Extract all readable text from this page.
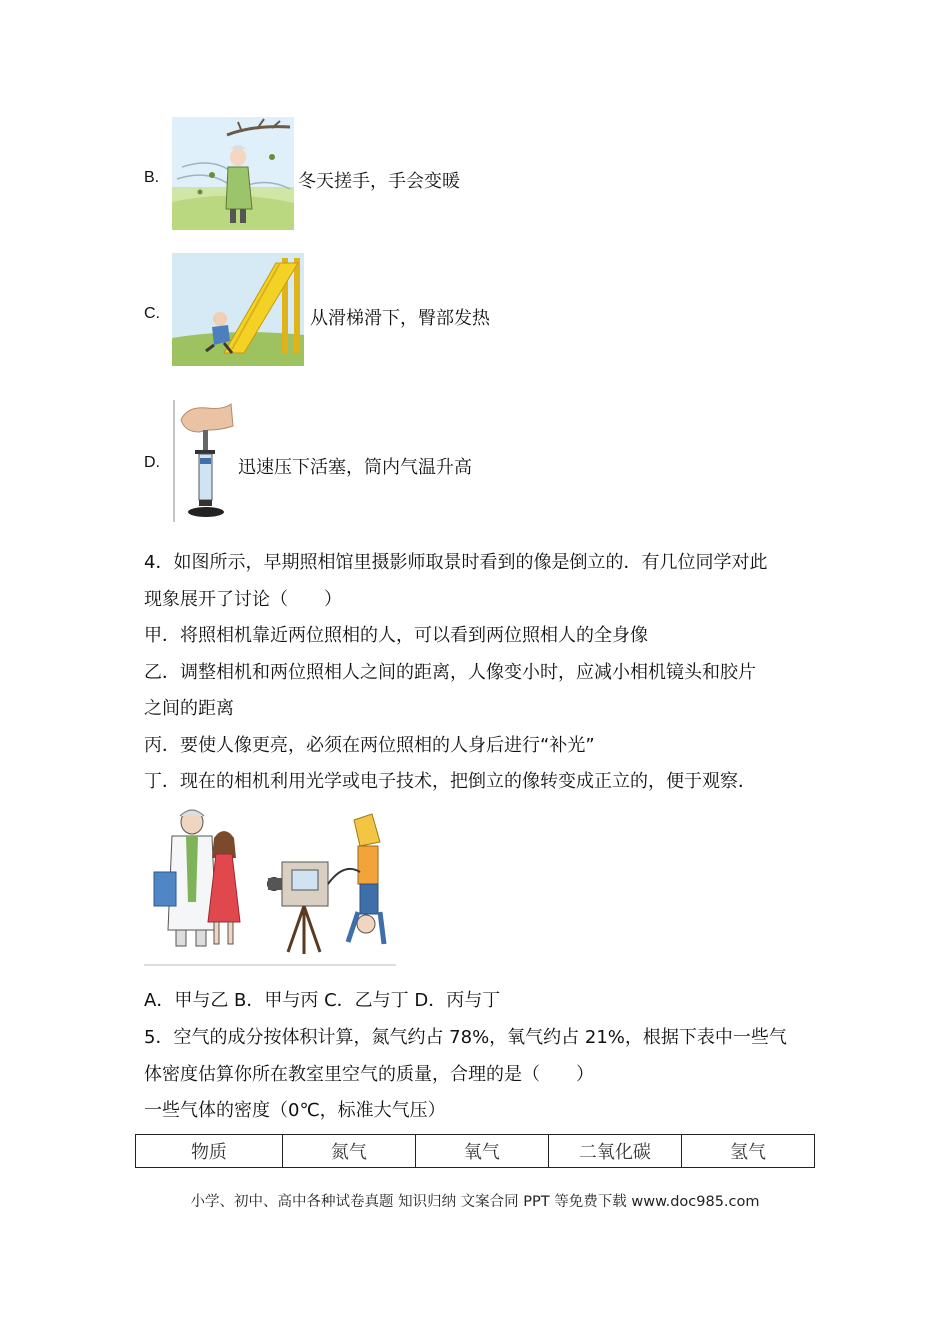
B.	冬天搓手，手会变暖
C.	从滑梯滑下，臀部发热
D.	迅速压下活塞，筒内气温升高
4．如图所示，早期照相馆里摄影师取景时看到的像是倒立的．有几位同学对此
现象展开了讨论（　　）
甲．将照相机靠近两位照相的人，可以看到两位照相人的全身像
乙．调整相机和两位照相人之间的距离，人像变小时，应减小相机镜头和胶片
之间的距离
丙．要使人像更亮，必须在两位照相的人身后进行“补光”
丁．现在的相机利用光学或电子技术，把倒立的像转变成正立的，便于观察．
A．甲与乙 B．甲与丙 C．乙与丁 D．丙与丁
5．空气的成分按体积计算，氮气约占 78%，氧气约占 21%，根据下表中一些气
体密度估算你所在教室里空气的质量，合理的是（　　）
一些气体的密度（0℃，标准大气压）
物质	氮气	氧气	二氧化碳	氢气
小学、初中、高中各种试卷真题 知识归纳 文案合同 PPT 等免费下载 www.doc985.com
